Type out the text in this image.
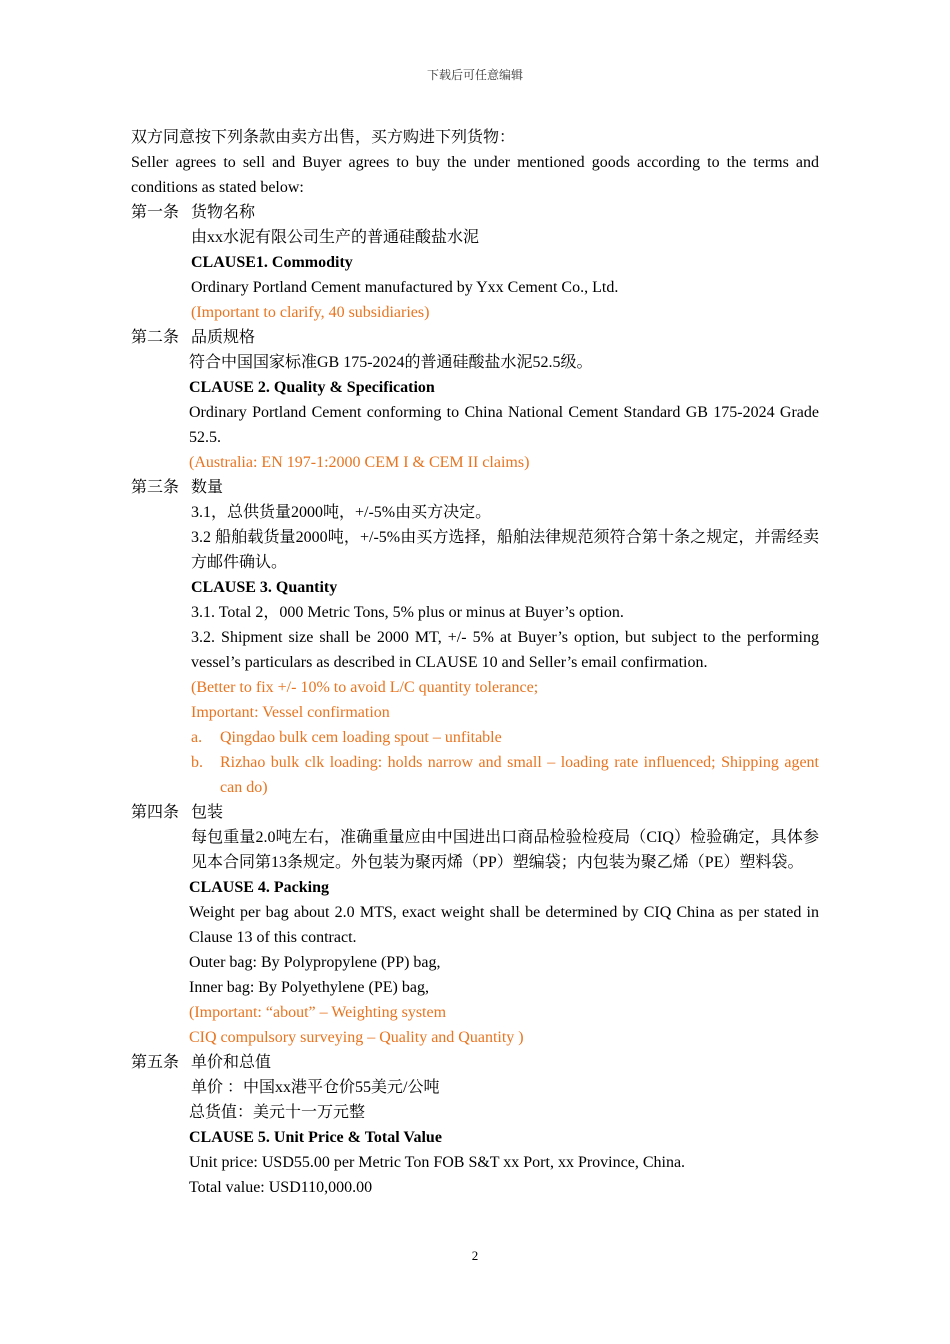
下载后可任意编辑

双方同意按下列条款由卖方出售，买方购进下列货物：

Seller agrees to sell and Buyer agrees to buy the under mentioned goods according to the terms and conditions as stated below:

第一条 货物名称

由xx水泥有限公司生产的普通硅酸盐水泥

CLAUSE1. Commodity

Ordinary Portland Cement manufactured by Yxx Cement Co., Ltd.

(Important to clarify, 40 subsidiaries)

第二条 品质规格

符合中国国家标准GB 175-2024的普通硅酸盐水泥52.5级。

CLAUSE 2. Quality & Specification

Ordinary Portland Cement conforming to China National Cement Standard GB 175-2024 Grade 52.5.

(Australia: EN 197-1:2000 CEM I & CEM II claims)

第三条 数量

3.1，总供货量2000吨，+/-5%由买方决定。

3.2 船舶载货量2000吨，+/-5%由买方选择，船舶法律规范须符合第十条之规定，并需经卖方邮件确认。

CLAUSE 3. Quantity

3.1. Total 2，000 Metric Tons, 5% plus or minus at Buyer’s option.

3.2. Shipment size shall be 2000 MT, +/- 5% at Buyer’s option, but subject to the performing vessel’s particulars as described in CLAUSE 10 and Seller’s email confirmation.

(Better to fix +/- 10% to avoid L/C quantity tolerance;

Important: Vessel confirmation

a.	Qingdao bulk cem loading spout – unfitable
b.	Rizhao bulk clk loading: holds narrow and small – loading rate influenced; Shipping agent can do)
第四条 包装

每包重量2.0吨左右，准确重量应由中国进出口商品检验检疫局（CIQ）检验确定，具体参见本合同第13条规定。外包装为聚丙烯（PP）塑编袋；内包装为聚乙烯（PE）塑料袋。

CLAUSE 4. Packing

Weight per bag about 2.0 MTS, exact weight shall be determined by CIQ China as per stated in Clause 13 of this contract.

Outer bag: By Polypropylene (PP) bag,

Inner bag: By Polyethylene (PE) bag,

(Important: “about” – Weighting system

CIQ compulsory surveying – Quality and Quantity )

第五条 单价和总值

单价 ：中国xx港平仓价55美元/公吨

总货值：美元十一万元整

CLAUSE 5. Unit Price & Total Value

Unit price: USD55.00 per Metric Ton FOB S&T xx Port, xx Province, China.

Total value: USD110,000.00

2
